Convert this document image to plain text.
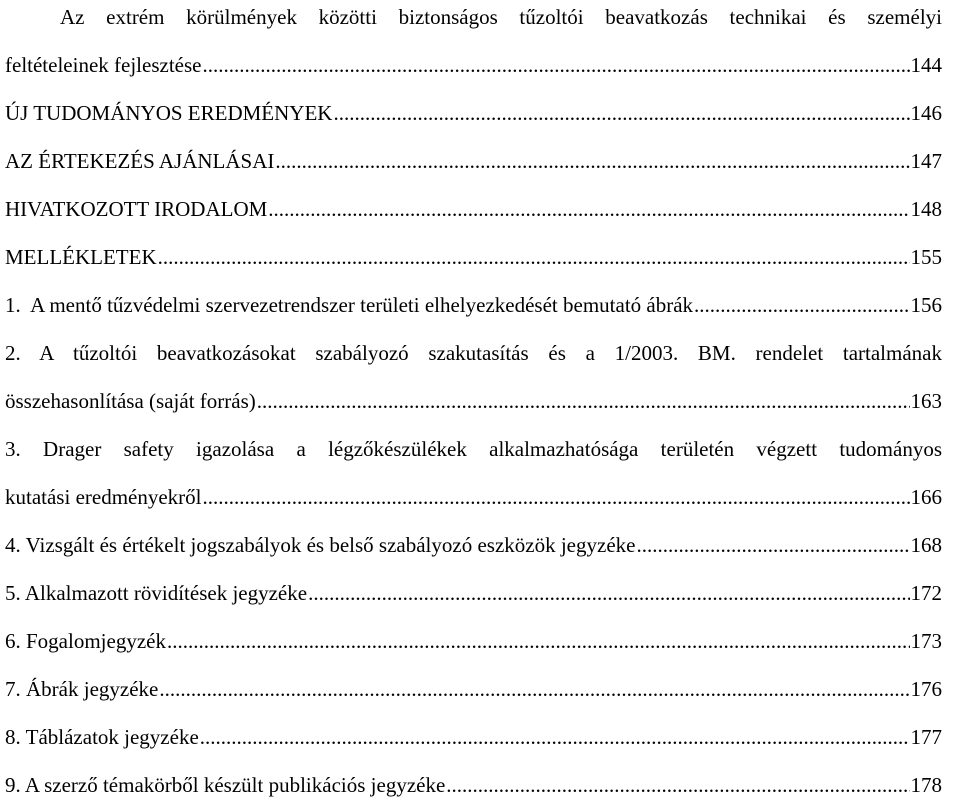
Az extrém körülmények közötti biztonságos tűzoltói beavatkozás technikai és személyi
feltételeinek fejlesztése .....	144
ÚJ TUDOMÁNYOS EREDMÉNYEK .....	146
AZ ÉRTEKEZÉS AJÁNLÁSAI .....	147
HIVATKOZOTT IRODALOM .....	148
MELLÉKLETEK .....	155
1.  A mentő tűzvédelmi szervezetrendszer területi elhelyezkedését bemutató ábrák .....	156
2. A tűzoltói beavatkozásokat szabályozó szakutasítás és a 1/2003. BM. rendelet tartalmának
összehasonlítása (saját forrás) .....	163
3. Drager safety igazolása a légzőkészülékek alkalmazhatósága területén végzett tudományos
kutatási eredményekről .....	166
4. Vizsgált és értékelt jogszabályok és belső szabályozó eszközök jegyzéke .....	168
5. Alkalmazott rövidítések jegyzéke .....	172
6. Fogalomjegyzék .....	173
7. Ábrák jegyzéke .....	176
8. Táblázatok jegyzéke .....	177
9. A szerző témakörből készült publikációs jegyzéke .....	178
